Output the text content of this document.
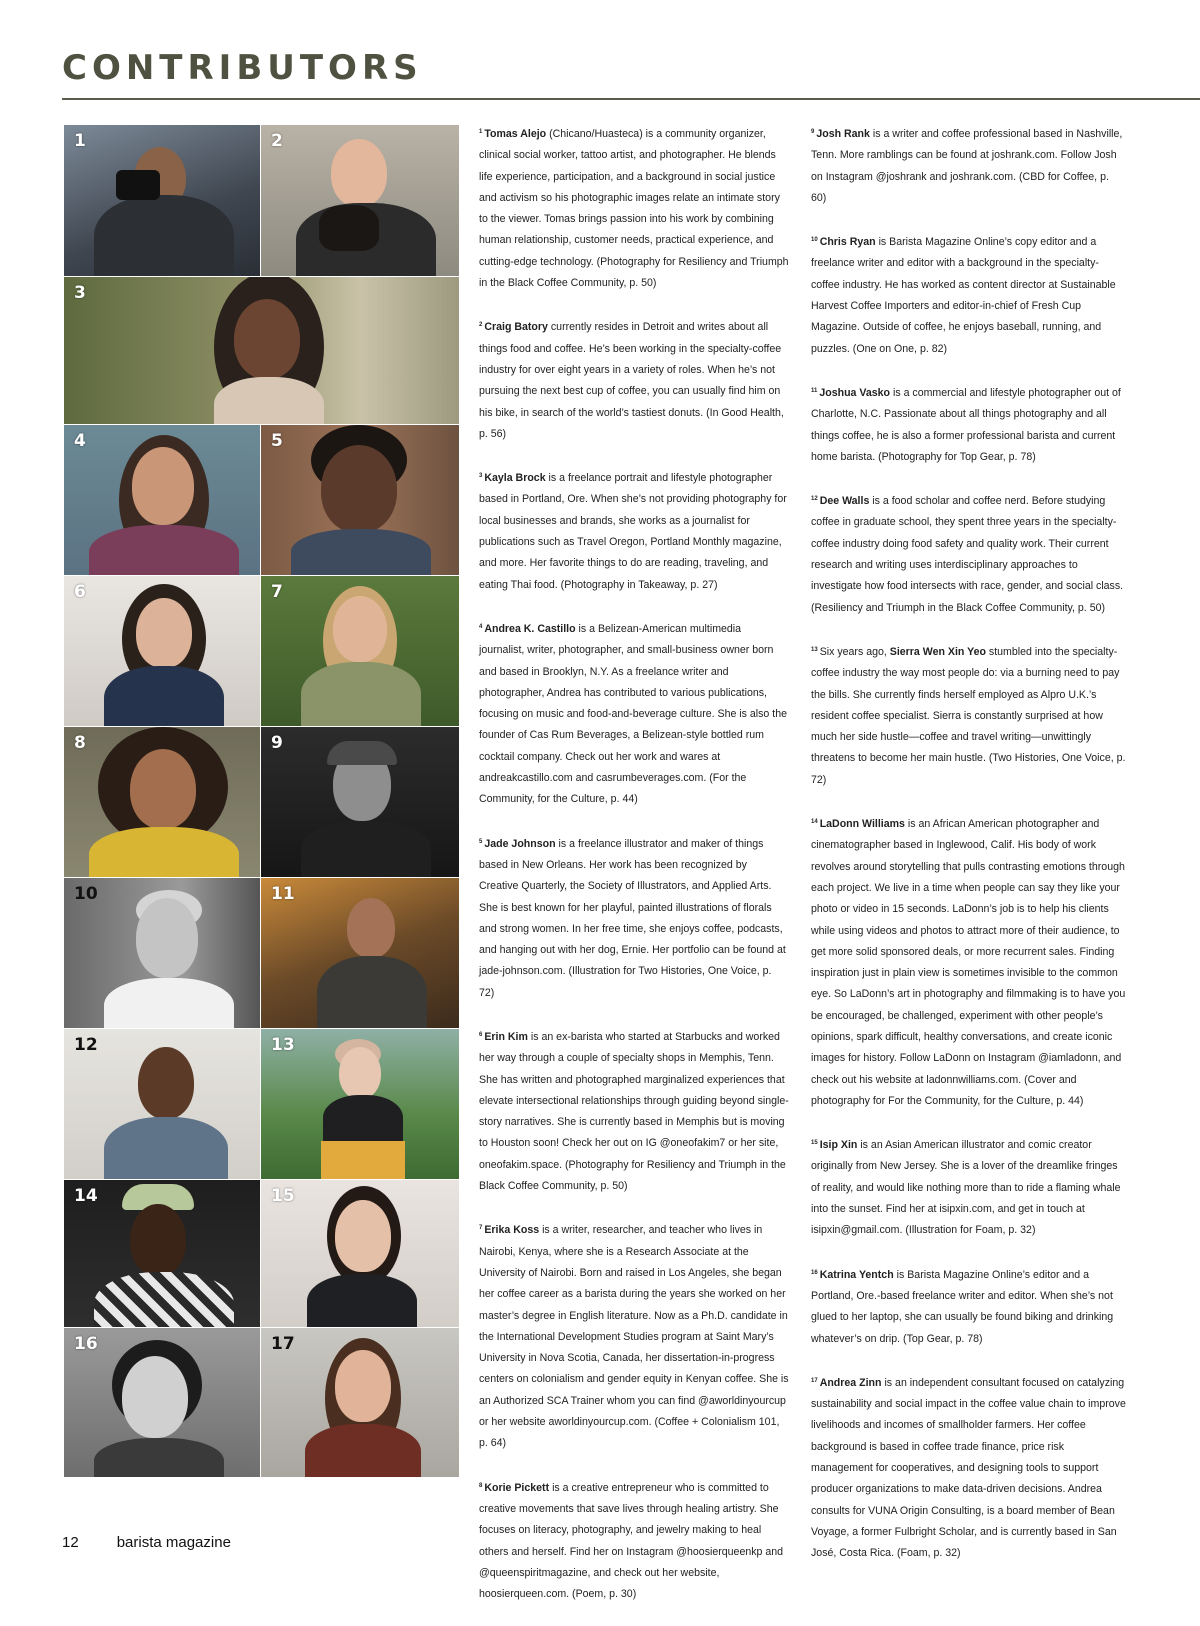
CONTRIBUTORS
1	2
3
4	5
6	7
8	9
10	11
12	13
14	15
16	17

$^1$ Tomas Alejo (Chicano/Huasteca) is a community organizer, clinical social worker, tattoo artist, and photographer. He blends life experience, participation, and a background in social justice and activism so his photographic images relate an intimate story to the viewer. Tomas brings passion into his work by combining human relationship, customer needs, practical experience, and cutting-edge technology. (Photography for Resiliency and Triumph in the Black Coffee Community, p. 50)

$^2$ Craig Batory currently resides in Detroit and writes about all things food and coffee. He’s been working in the specialty-coffee industry for over eight years in a variety of roles. When he’s not pursuing the next best cup of coffee, you can usually find him on his bike, in search of the world’s tastiest donuts. (In Good Health, p. 56)

$^3$ Kayla Brock is a freelance portrait and lifestyle photographer based in Portland, Ore. When she’s not providing photography for local businesses and brands, she works as a journalist for publications such as Travel Oregon, Portland Monthly magazine, and more. Her favorite things to do are reading, traveling, and eating Thai food. (Photography in Takeaway, p. 27)

$^4$ Andrea K. Castillo is a Belizean-American multimedia journalist, writer, photographer, and small-business owner born and based in Brooklyn, N.Y. As a freelance writer and photographer, Andrea has contributed to various publications, focusing on music and food-and-beverage culture. She is also the founder of Cas Rum Beverages, a Belizean-style bottled rum cocktail company. Check out her work and wares at andreakcastillo.com and casrumbeverages.com. (For the Community, for the Culture, p. 44)

$^5$ Jade Johnson is a freelance illustrator and maker of things based in New Orleans. Her work has been recognized by Creative Quarterly, the Society of Illustrators, and Applied Arts. She is best known for her playful, painted illustrations of florals and strong women. In her free time, she enjoys coffee, podcasts, and hanging out with her dog, Ernie. Her portfolio can be found at jade-johnson.com. (Illustration for Two Histories, One Voice, p. 72)

$^6$ Erin Kim is an ex-barista who started at Starbucks and worked her way through a couple of specialty shops in Memphis, Tenn. She has written and photographed marginalized experiences that elevate intersectional relationships through guiding beyond single-story narratives. She is currently based in Memphis but is moving to Houston soon! Check her out on IG @oneofakim7 or her site, oneofakim.space. (Photography for Resiliency and Triumph in the Black Coffee Community, p. 50)

$^7$ Erika Koss is a writer, researcher, and teacher who lives in Nairobi, Kenya, where she is a Research Associate at the University of Nairobi. Born and raised in Los Angeles, she began her coffee career as a barista during the years she worked on her master’s degree in English literature. Now as a Ph.D. candidate in the International Development Studies program at Saint Mary’s University in Nova Scotia, Canada, her dissertation-in-progress centers on colonialism and gender equity in Kenyan coffee. She is an Authorized SCA Trainer whom you can find @aworldinyourcup or her website aworldinyourcup.com. (Coffee + Colonialism 101, p. 64)

$^8$ Korie Pickett is a creative entrepreneur who is committed to creative movements that save lives through healing artistry. She focuses on literacy, photography, and jewelry making to heal others and herself. Find her on Instagram @hoosierqueenkp and @queenspiritmagazine, and check out her website, hoosierqueen.com. (Poem, p. 30)

$^9$ Josh Rank is a writer and coffee professional based in Nashville, Tenn. More ramblings can be found at joshrank.com. Follow Josh on Instagram @joshrank and joshrank.com. (CBD for Coffee, p. 60)

$^{10}$ Chris Ryan is Barista Magazine Online’s copy editor and a freelance writer and editor with a background in the specialty-coffee industry. He has worked as content director at Sustainable Harvest Coffee Importers and editor-in-chief of Fresh Cup Magazine. Outside of coffee, he enjoys baseball, running, and puzzles. (One on One, p. 82)

$^{11}$ Joshua Vasko is a commercial and lifestyle photographer out of Charlotte, N.C. Passionate about all things photography and all things coffee, he is also a former professional barista and current home barista. (Photography for Top Gear, p. 78)

$^{12}$ Dee Walls is a food scholar and coffee nerd. Before studying coffee in graduate school, they spent three years in the specialty-coffee industry doing food safety and quality work. Their current research and writing uses interdisciplinary approaches to investigate how food intersects with race, gender, and social class. (Resiliency and Triumph in the Black Coffee Community, p. 50)

$^{13}$ Six years ago, Sierra Wen Xin Yeo stumbled into the specialty-coffee industry the way most people do: via a burning need to pay the bills. She currently finds herself employed as Alpro U.K.’s resident coffee specialist. Sierra is constantly surprised at how much her side hustle—coffee and travel writing—unwittingly threatens to become her main hustle. (Two Histories, One Voice, p. 72)

$^{14}$ LaDonn Williams is an African American photographer and cinematographer based in Inglewood, Calif. His body of work revolves around storytelling that pulls contrasting emotions through each project. We live in a time when people can say they like your photo or video in 15 seconds. LaDonn’s job is to help his clients while using videos and photos to attract more of their audience, to get more solid sponsored deals, or more recurrent sales. Finding inspiration just in plain view is sometimes invisible to the common eye. So LaDonn’s art in photography and filmmaking is to have you be encouraged, be challenged, experiment with other people’s opinions, spark difficult, healthy conversations, and create iconic images for history. Follow LaDonn on Instagram @iamladonn, and check out his website at ladonnwilliams.com. (Cover and photography for For the Community, for the Culture, p. 44)

$^{15}$ Isip Xin is an Asian American illustrator and comic creator originally from New Jersey. She is a lover of the dreamlike fringes of reality, and would like nothing more than to ride a flaming whale into the sunset. Find her at isipxin.com, and get in touch at isipxin@gmail.com. (Illustration for Foam, p. 32)

$^{16}$ Katrina Yentch is Barista Magazine Online’s editor and a Portland, Ore.-based freelance writer and editor. When she’s not glued to her laptop, she can usually be found biking and drinking whatever’s on drip. (Top Gear, p. 78)

$^{17}$ Andrea Zinn is an independent consultant focused on catalyzing sustainability and social impact in the coffee value chain to improve livelihoods and incomes of smallholder farmers. Her coffee background is based in coffee trade finance, price risk management for cooperatives, and designing tools to support producer organizations to make data-driven decisions. Andrea consults for VUNA Origin Consulting, is a board member of Bean Voyage, a former Fulbright Scholar, and is currently based in San José, Costa Rica. (Foam, p. 32)

12	barista magazine
